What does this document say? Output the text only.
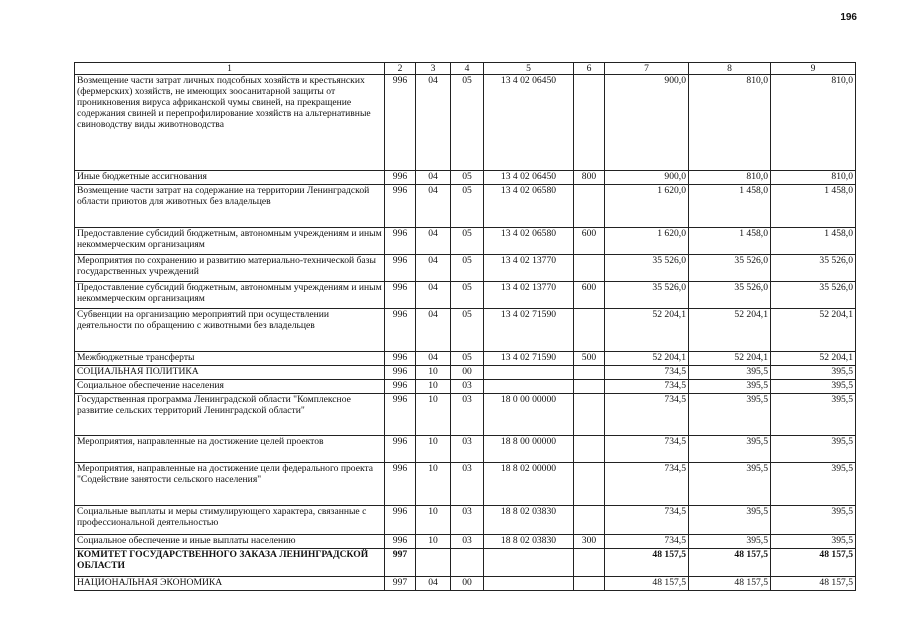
196
1	2	3	4	5	6	7	8	9
Возмещение части затрат личных подсобных хозяйств и крестьянских (фермерских) хозяйств, не имеющих зоосанитарной защиты от проникновения вируса африканской чумы свиней, на прекращение содержания свиней и перепрофилирование хозяйств на альтернативные свиноводству виды животноводства	996	04	05	13 4 02 06450		900,0	810,0	810,0
Иные бюджетные ассигнования	996	04	05	13 4 02 06450	800	900,0	810,0	810,0
Возмещение части затрат на содержание на территории Ленинградской области приютов для животных без владельцев	996	04	05	13 4 02 06580		1 620,0	1 458,0	1 458,0
Предоставление субсидий бюджетным, автономным учреждениям и иным некоммерческим организациям	996	04	05	13 4 02 06580	600	1 620,0	1 458,0	1 458,0
Мероприятия по сохранению и развитию материально-технической базы государственных учреждений	996	04	05	13 4 02 13770		35 526,0	35 526,0	35 526,0
Предоставление субсидий бюджетным, автономным учреждениям и иным некоммерческим организациям	996	04	05	13 4 02 13770	600	35 526,0	35 526,0	35 526,0
Субвенции на организацию мероприятий при осуществлении деятельности по обращению с животными без владельцев	996	04	05	13 4 02 71590		52 204,1	52 204,1	52 204,1
Межбюджетные трансферты	996	04	05	13 4 02 71590	500	52 204,1	52 204,1	52 204,1
СОЦИАЛЬНАЯ ПОЛИТИКА	996	10	00			734,5	395,5	395,5
Социальное обеспечение населения	996	10	03			734,5	395,5	395,5
Государственная программа Ленинградской области "Комплексное развитие сельских территорий Ленинградской области"	996	10	03	18 0 00 00000		734,5	395,5	395,5
Мероприятия, направленные на достижение целей проектов	996	10	03	18 8 00 00000		734,5	395,5	395,5
Мероприятия, направленные на достижение цели федерального проекта "Содействие занятости сельского населения"	996	10	03	18 8 02 00000		734,5	395,5	395,5
Социальные выплаты и меры стимулирующего характера, связанные с профессиональной деятельностью	996	10	03	18 8 02 03830		734,5	395,5	395,5
Социальное обеспечение и иные выплаты населению	996	10	03	18 8 02 03830	300	734,5	395,5	395,5
КОМИТЕТ ГОСУДАРСТВЕННОГО ЗАКАЗА ЛЕНИНГРАДСКОЙ ОБЛАСТИ	997					48 157,5	48 157,5	48 157,5
НАЦИОНАЛЬНАЯ ЭКОНОМИКА	997	04	00			48 157,5	48 157,5	48 157,5
